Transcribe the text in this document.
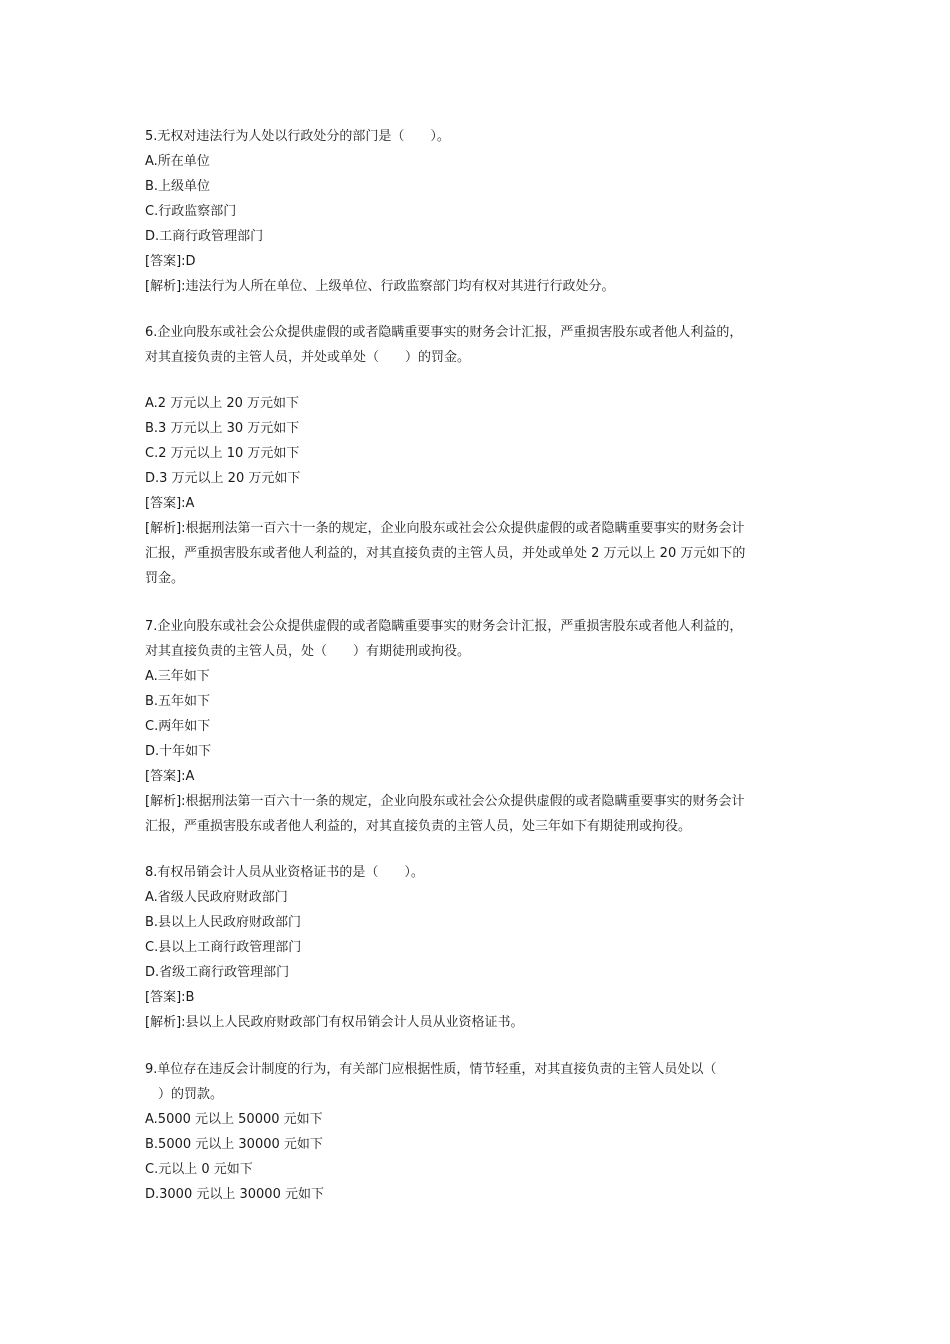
5.无权对违法行为人处以行政处分的部门是（　　）。
A.所在单位
B.上级单位
C.行政监察部门
D.工商行政管理部门
[答案]:D
[解析]:违法行为人所在单位、上级单位、行政监察部门均有权对其进行行政处分。
6.企业向股东或社会公众提供虚假的或者隐瞒重要事实的财务会计汇报，严重损害股东或者他人利益的，
对其直接负责的主管人员，并处或单处（　　）的罚金。
A.2 万元以上 20 万元如下
B.3 万元以上 30 万元如下
C.2 万元以上 10 万元如下
D.3 万元以上 20 万元如下
[答案]:A
[解析]:根据刑法第一百六十一条的规定，企业向股东或社会公众提供虚假的或者隐瞒重要事实的财务会计
汇报，严重损害股东或者他人利益的，对其直接负责的主管人员，并处或单处 2 万元以上 20 万元如下的
罚金。
7.企业向股东或社会公众提供虚假的或者隐瞒重要事实的财务会计汇报，严重损害股东或者他人利益的，
对其直接负责的主管人员，处（　　）有期徒刑或拘役。
A.三年如下
B.五年如下
C.两年如下
D.十年如下
[答案]:A
[解析]:根据刑法第一百六十一条的规定，企业向股东或社会公众提供虚假的或者隐瞒重要事实的财务会计
汇报，严重损害股东或者他人利益的，对其直接负责的主管人员，处三年如下有期徒刑或拘役。
8.有权吊销会计人员从业资格证书的是（　　）。
A.省级人民政府财政部门
B.县以上人民政府财政部门
C.县以上工商行政管理部门
D.省级工商行政管理部门
[答案]:B
[解析]:县以上人民政府财政部门有权吊销会计人员从业资格证书。
9.单位存在违反会计制度的行为，有关部门应根据性质，情节轻重，对其直接负责的主管人员处以（
　）的罚款。
A.5000 元以上 50000 元如下
B.5000 元以上 30000 元如下
C.元以上 0 元如下
D.3000 元以上 30000 元如下
